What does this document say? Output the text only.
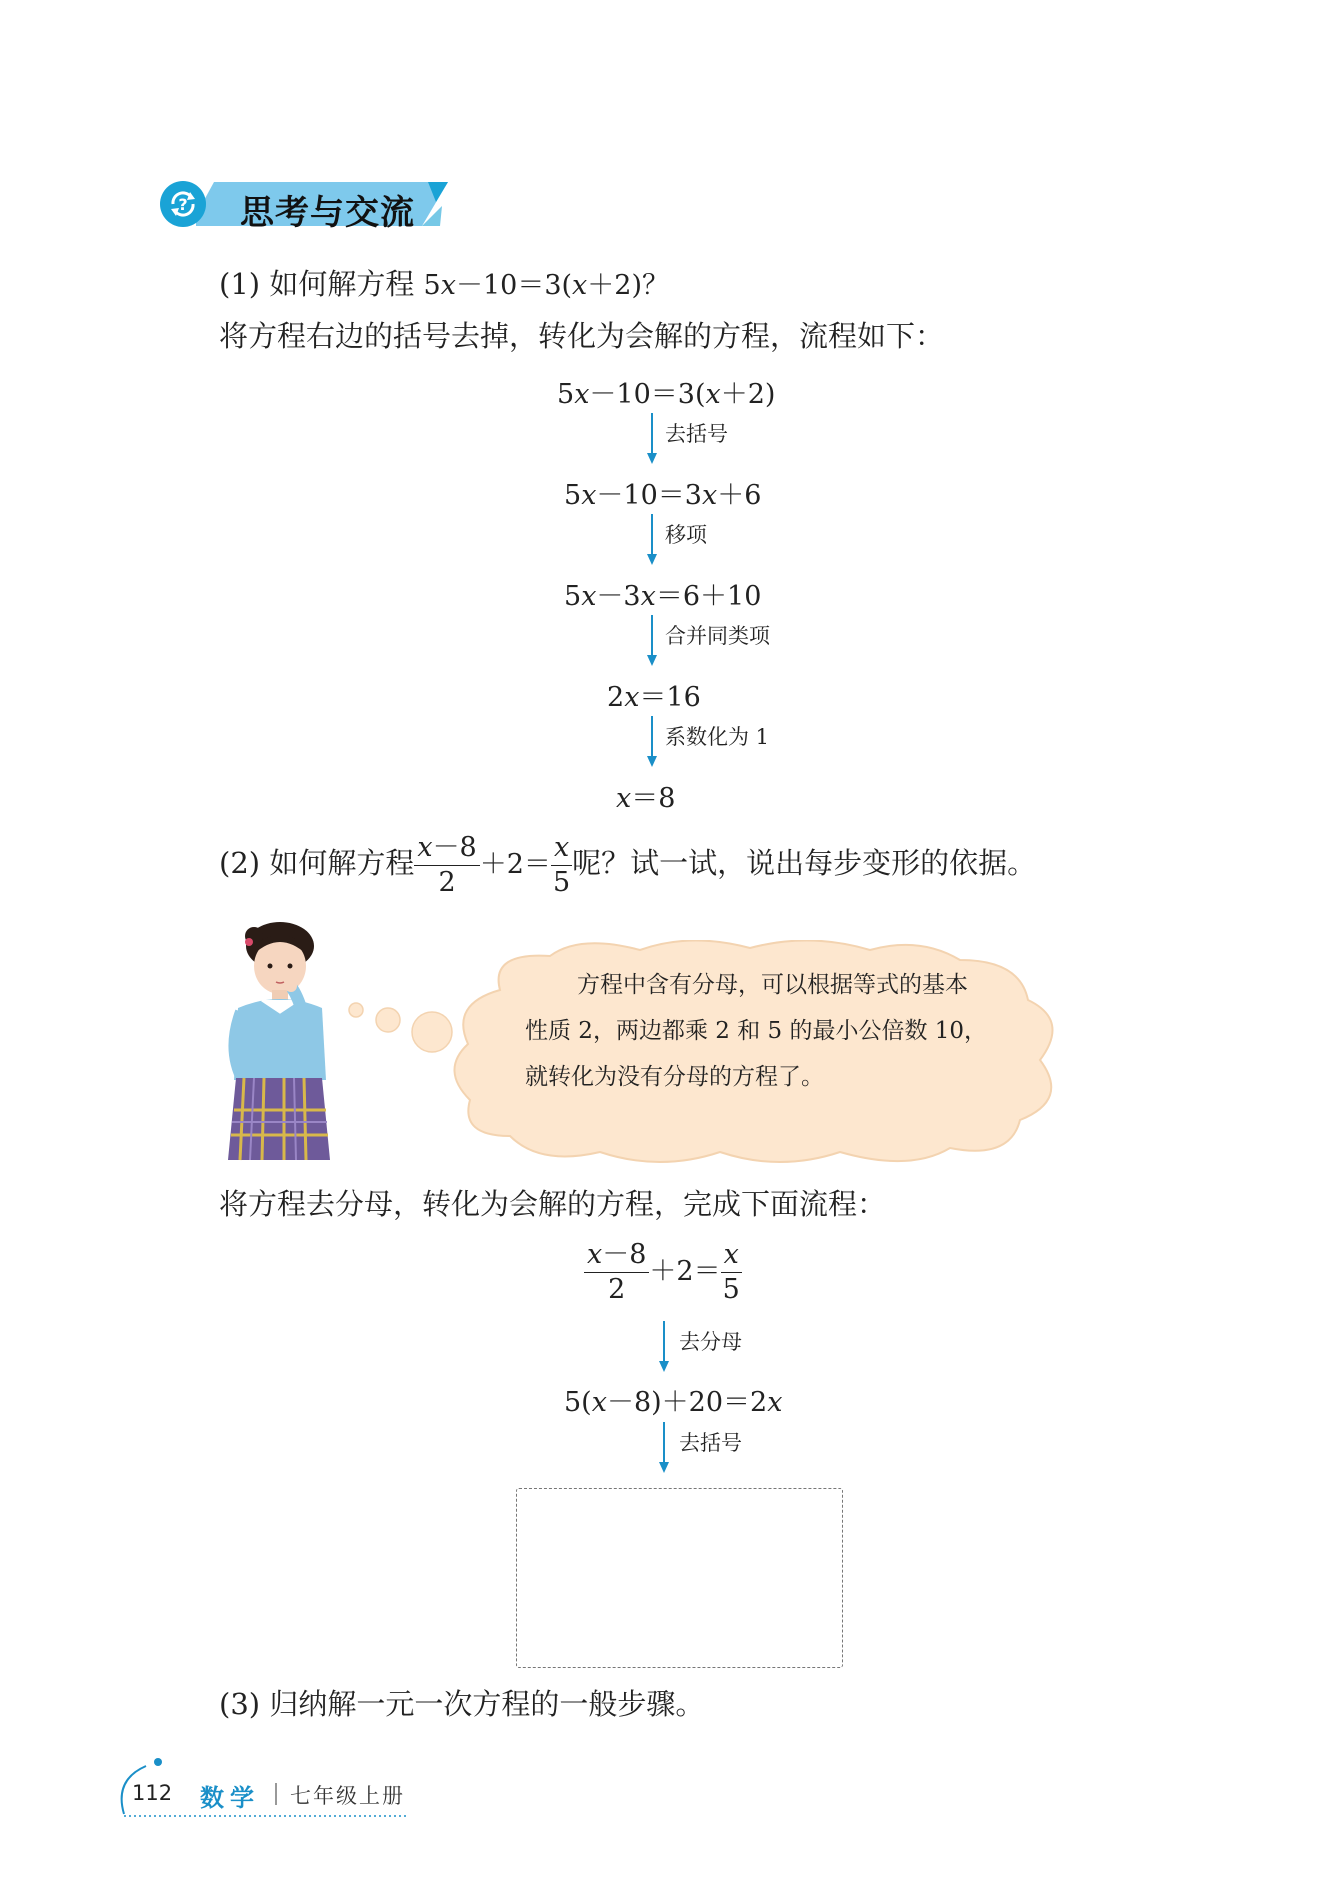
? 思考与交流
(1) 如何解方程 5x－10＝3(x＋2)？
将方程右边的括号去掉，转化为会解的方程，流程如下：
5x－10＝3(x＋2)
去括号
5x－10＝3x＋6
移项
5x－3x＝6＋10
合并同类项
2x＝16
系数化为 1
x＝8
(2) 如何解方程 $\frac{x-8}{2} +2= \frac{x}{5}$ 呢？试一试，说出每步变形的依据。

方程中含有分母，可以根据等式的基本

性质 2，两边都乘 2 和 5 的最小公倍数 10，

就转化为没有分母的方程了。

将方程去分母，转化为会解的方程，完成下面流程：
$\frac{x-8}{2} +2= \frac{x}{5}$
去分母
5(x－8)＋20＝2x
去括号
(3) 归纳解一元一次方程的一般步骤。
112 数学 七年级上册
